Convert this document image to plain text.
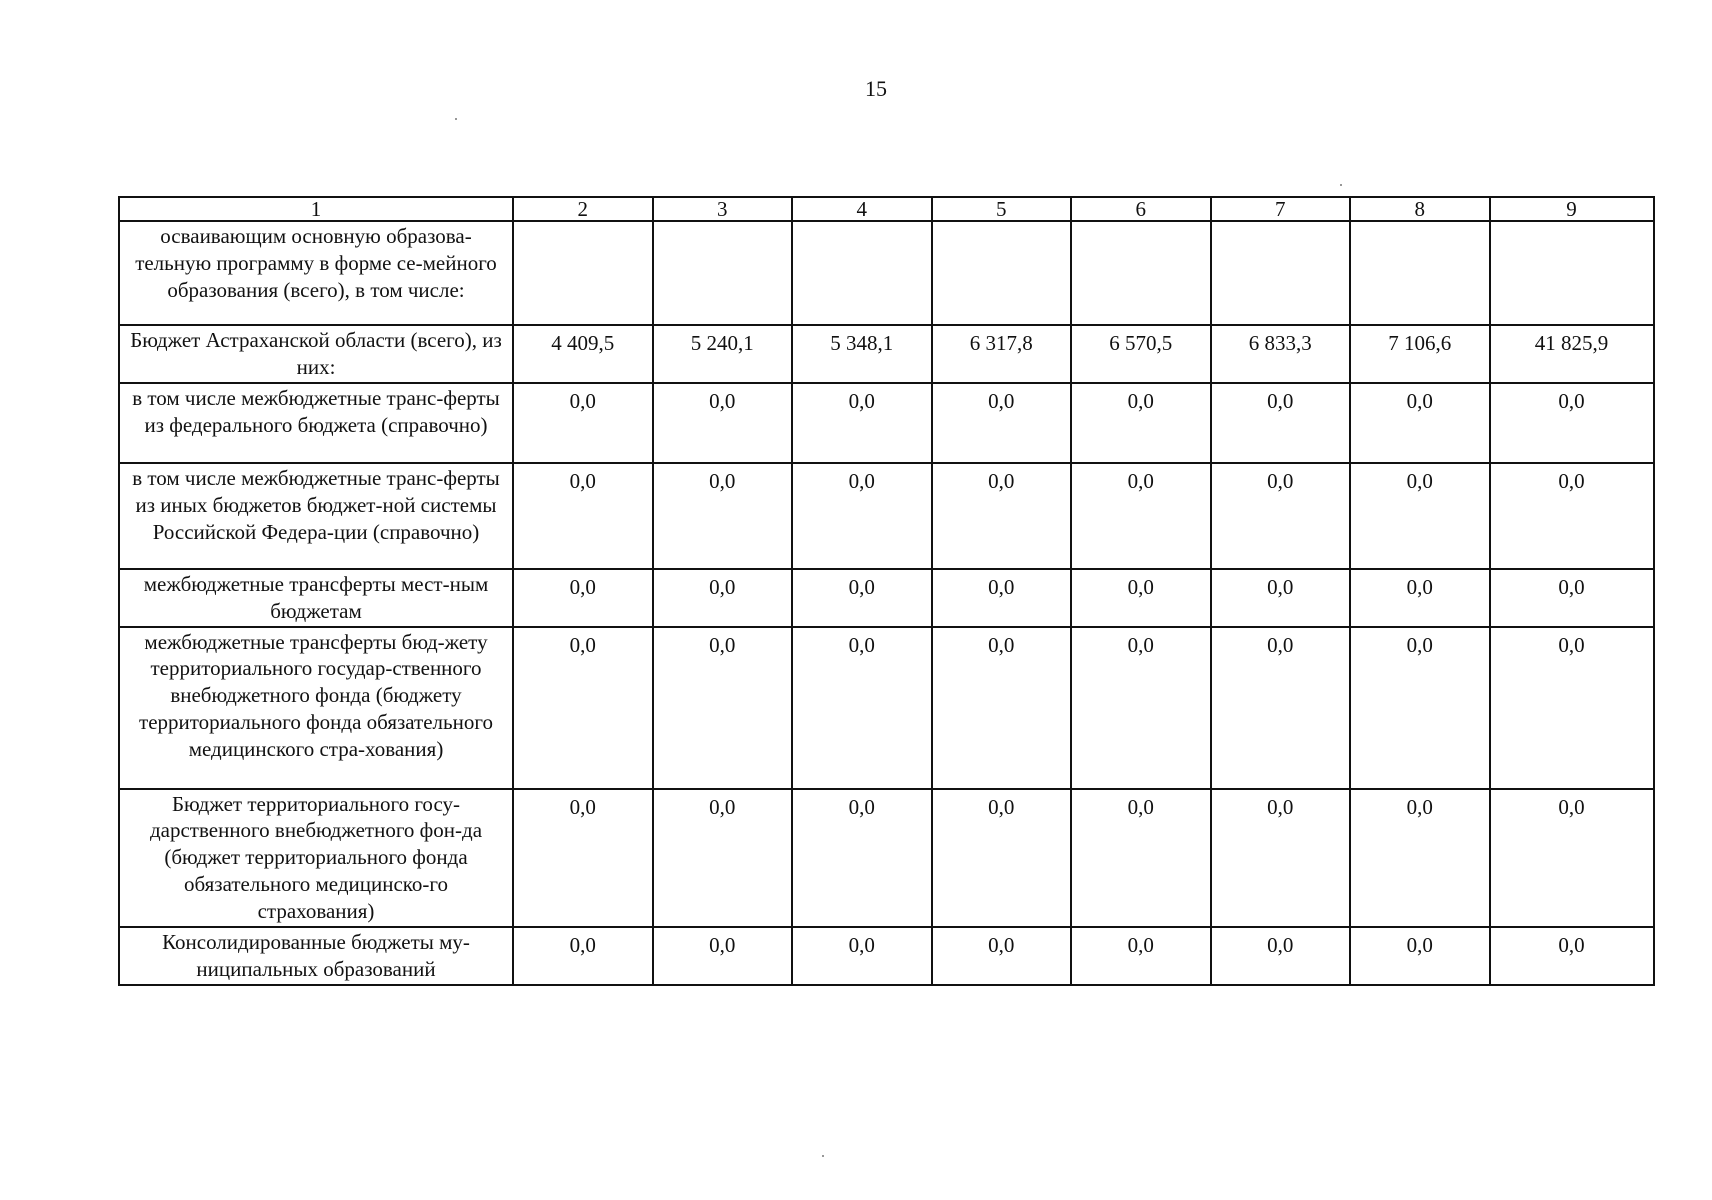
15
1	2	3	4	5	6	7	8	9
осваивающим основную образова-тельную программу в форме се-мейного образования (всего), в том числе:								
Бюджет Астраханской области (всего), из них:	4 409,5	5 240,1	5 348,1	6 317,8	6 570,5	6 833,3	7 106,6	41 825,9
в том числе межбюджетные транс-ферты из федерального бюджета (справочно)	0,0	0,0	0,0	0,0	0,0	0,0	0,0	0,0
в том числе межбюджетные транс-ферты из иных бюджетов бюджет-ной системы Российской Федера-ции (справочно)	0,0	0,0	0,0	0,0	0,0	0,0	0,0	0,0
межбюджетные трансферты мест-ным бюджетам	0,0	0,0	0,0	0,0	0,0	0,0	0,0	0,0
межбюджетные трансферты бюд-жету территориального государ-ственного внебюджетного фонда (бюджету территориального фонда обязательного медицинского стра-хования)	0,0	0,0	0,0	0,0	0,0	0,0	0,0	0,0
Бюджет территориального госу-дарственного внебюджетного фон-да (бюджет территориального фонда обязательного медицинско-го страхования)	0,0	0,0	0,0	0,0	0,0	0,0	0,0	0,0
Консолидированные бюджеты му-ниципальных образований	0,0	0,0	0,0	0,0	0,0	0,0	0,0	0,0
